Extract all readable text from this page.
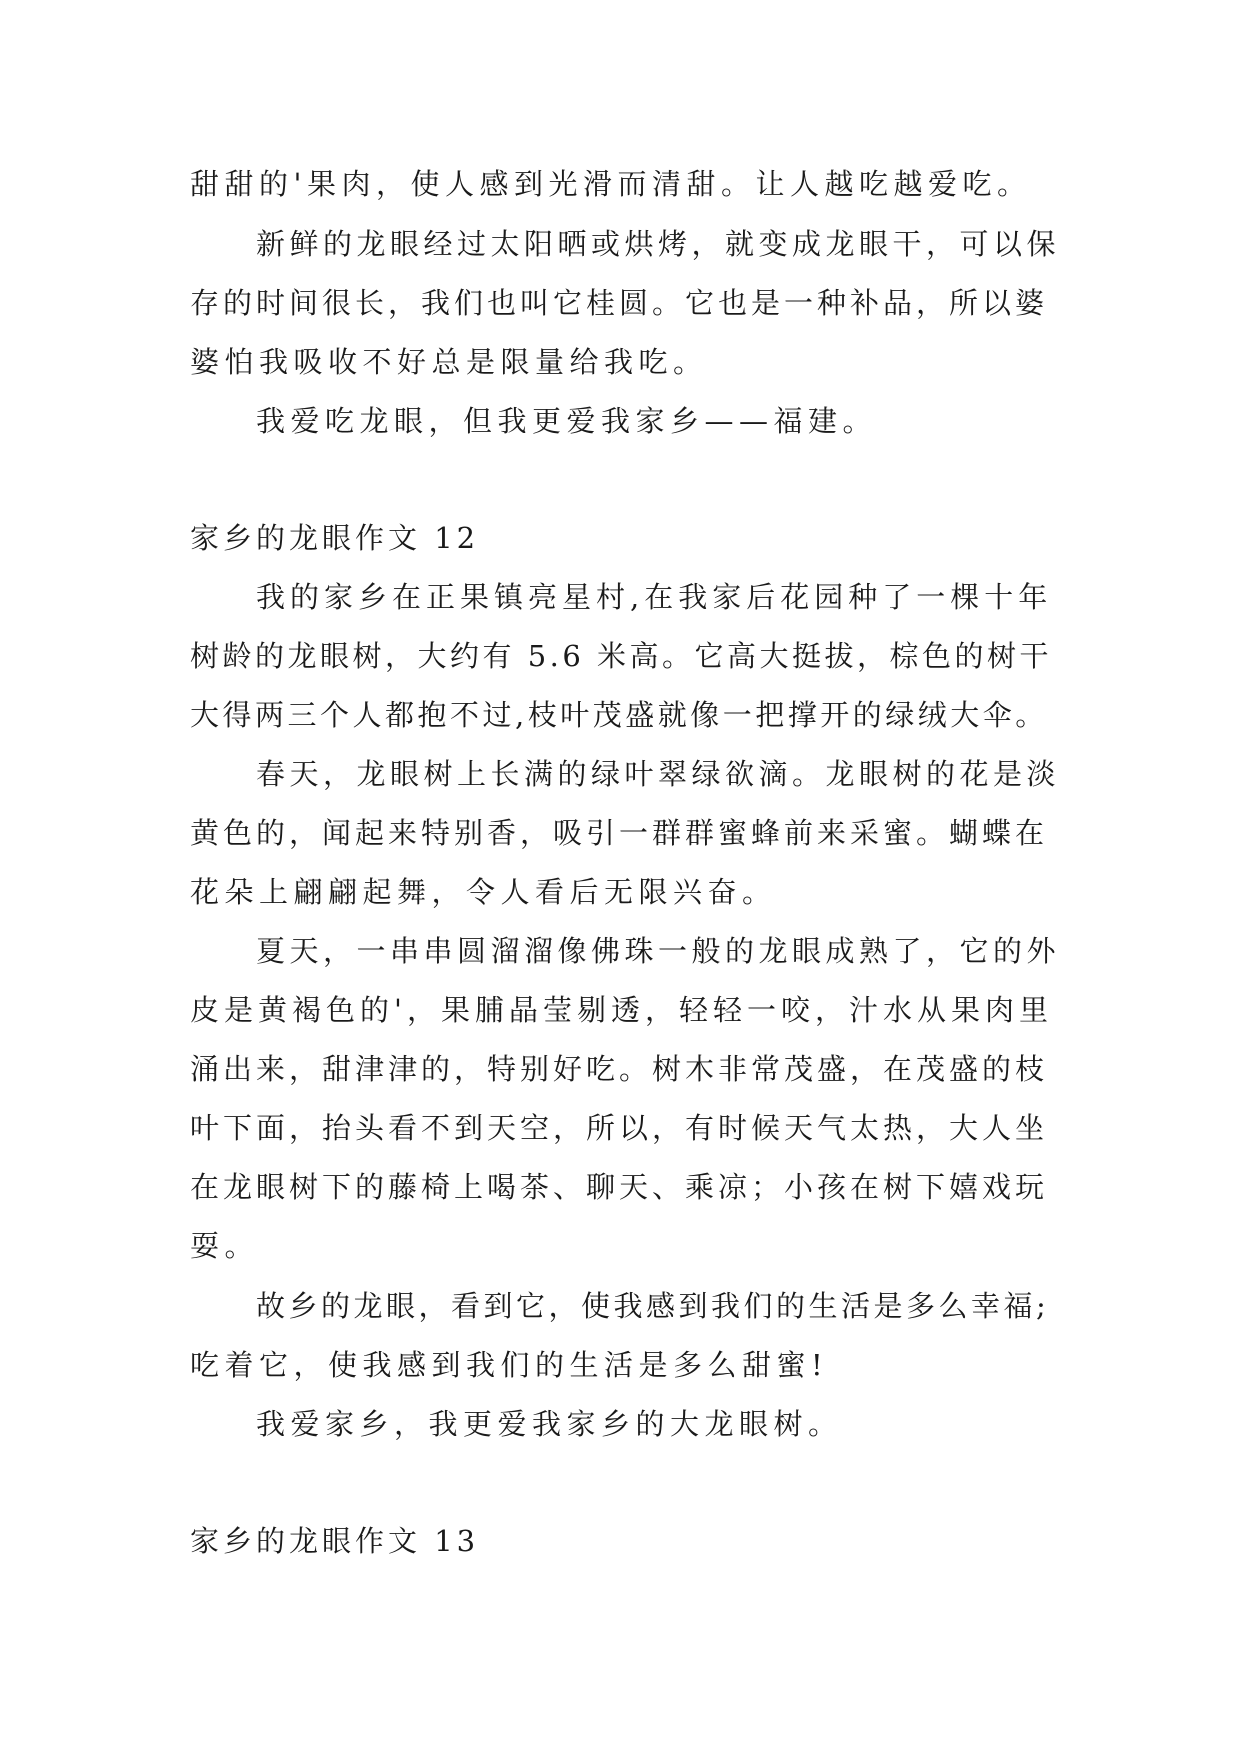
甜甜的'果肉，使人感到光滑而清甜。让人越吃越爱吃。
新鲜的龙眼经过太阳晒或烘烤，就变成龙眼干，可以保
存的时间很长，我们也叫它桂圆。它也是一种补品，所以婆
婆怕我吸收不好总是限量给我吃。
我爱吃龙眼，但我更爱我家乡——福建。
家乡的龙眼作文 12
我的家乡在正果镇亮星村,在我家后花园种了一棵十年
树龄的龙眼树，大约有 5.6 米高。它高大挺拔，棕色的树干
大得两三个人都抱不过,枝叶茂盛就像一把撑开的绿绒大伞。
春天，龙眼树上长满的绿叶翠绿欲滴。龙眼树的花是淡
黄色的，闻起来特别香，吸引一群群蜜蜂前来采蜜。蝴蝶在
花朵上翩翩起舞，令人看后无限兴奋。
夏天，一串串圆溜溜像佛珠一般的龙眼成熟了，它的外
皮是黄褐色的'，果脯晶莹剔透，轻轻一咬，汁水从果肉里
涌出来，甜津津的，特别好吃。树木非常茂盛，在茂盛的枝
叶下面，抬头看不到天空，所以，有时候天气太热，大人坐
在龙眼树下的藤椅上喝茶、聊天、乘凉；小孩在树下嬉戏玩
耍。
故乡的龙眼，看到它，使我感到我们的生活是多么幸福;
吃着它，使我感到我们的生活是多么甜蜜!
我爱家乡，我更爱我家乡的大龙眼树。
家乡的龙眼作文 13
